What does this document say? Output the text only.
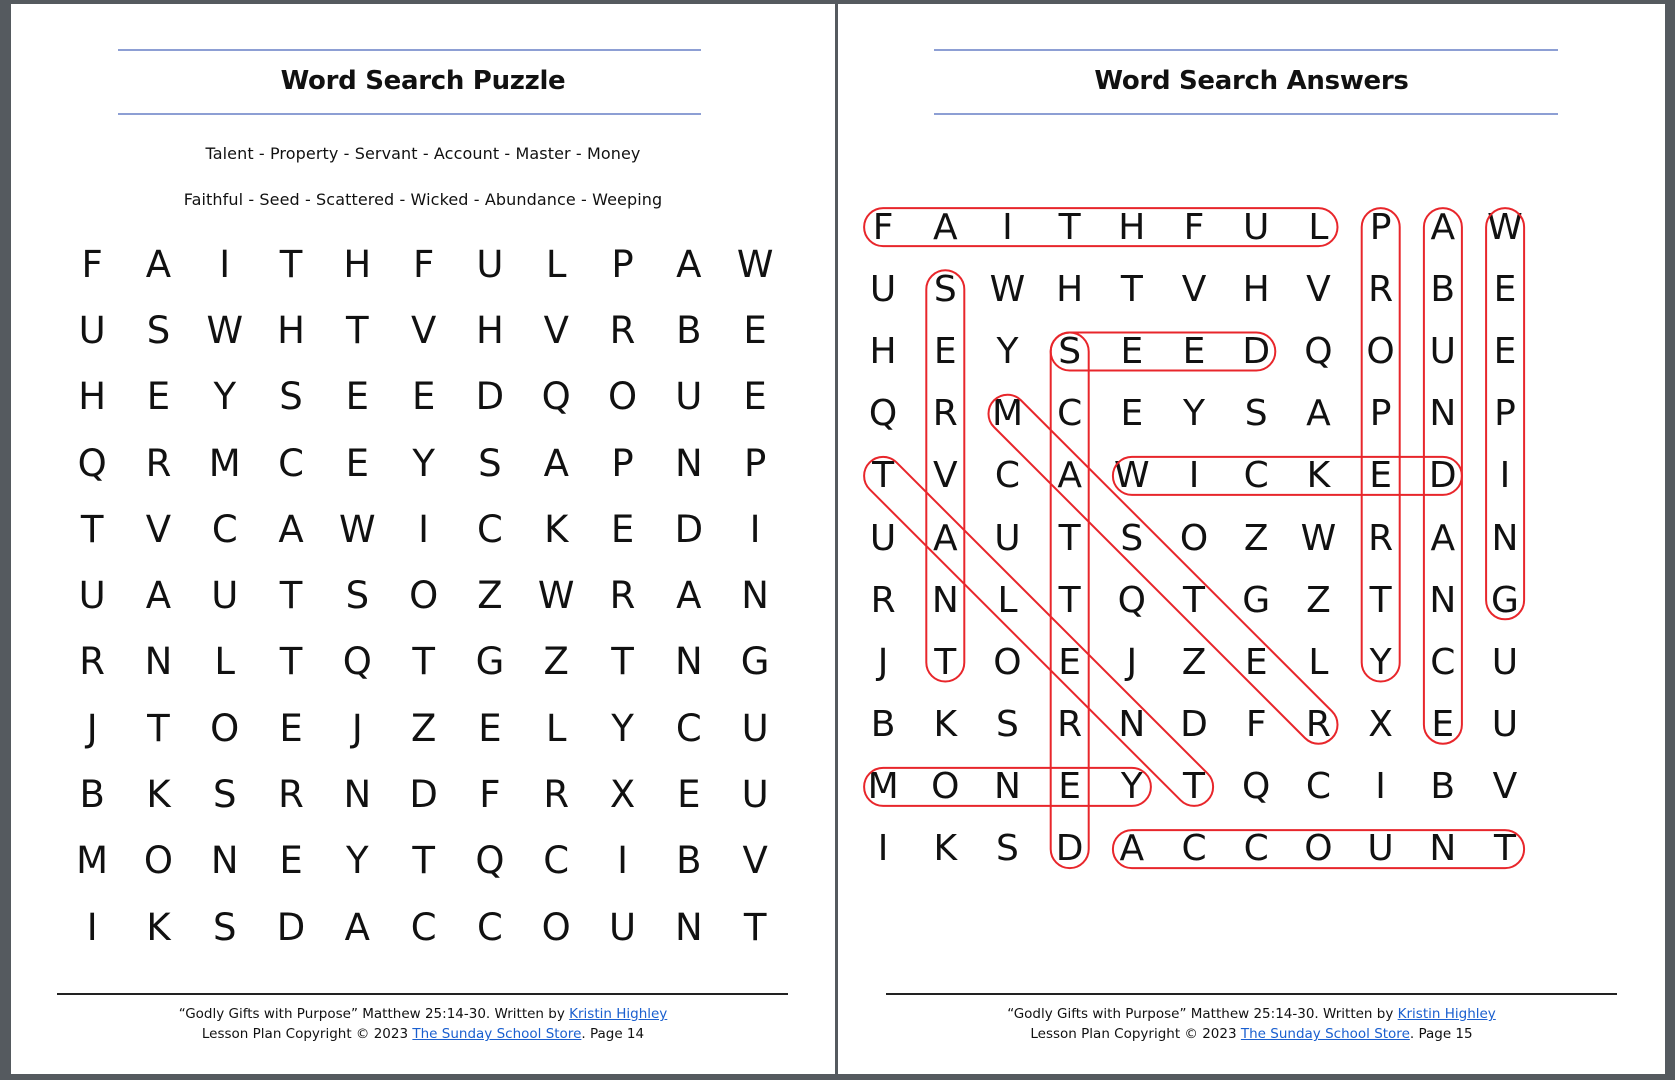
Word Search Puzzle
Talent - Property - Servant - Account - Master - Money
Faithful - Seed - Scattered - Wicked - Abundance - Weeping
F	A	I	T	H	F	U	L	P	A W
U	S W H	T	V	H	V	R	B	E
H	E	Y	S	E	E	D	Q	O	U	E
Q	R	M	C	E	Y	S	A	P	N	P
T	V	C	A W	I	C	K	E	D	I
U	A	U	T	S	O	Z W R	A	N
R	N	L	T	Q	T	G	Z	T	N	G
J	T	O	E	J	Z	E	L	Y	C	U
B	K	S	R	N	D	F	R	X	E	U
M O	N	E	Y	T	Q	C	I	B	V
I	K	S	D	A	C	C	O	U	N	T
“Godly Gifts with Purpose” Matthew 25:14-30. Written by Kristin Highley
Lesson Plan Copyright © 2023 The Sunday School Store. Page 14
Word Search Answers
F	A	I	T	H	F	U	L	P	A W
U	S W H	T	V	H	V	R	B	E
H	E	Y	S	E	E	D Q O U	E
Q R M C	E	Y	S	A	P	N	P
T	V	C	A W	I	C	K	E	D	I
U	A	U	T	S	O Z W R	A	N
R	N	L	T	Q	T	G Z	T	N G
J	T	O	E	J	Z	E	L	Y	C	U
B	K	S	R	N D	F	R	X	E	U
M O N	E	Y	T	Q C	I	B	V
I	K	S	D	A	C	C O U N	T
“Godly Gifts with Purpose” Matthew 25:14-30. Written by Kristin Highley
Lesson Plan Copyright © 2023 The Sunday School Store. Page 15
